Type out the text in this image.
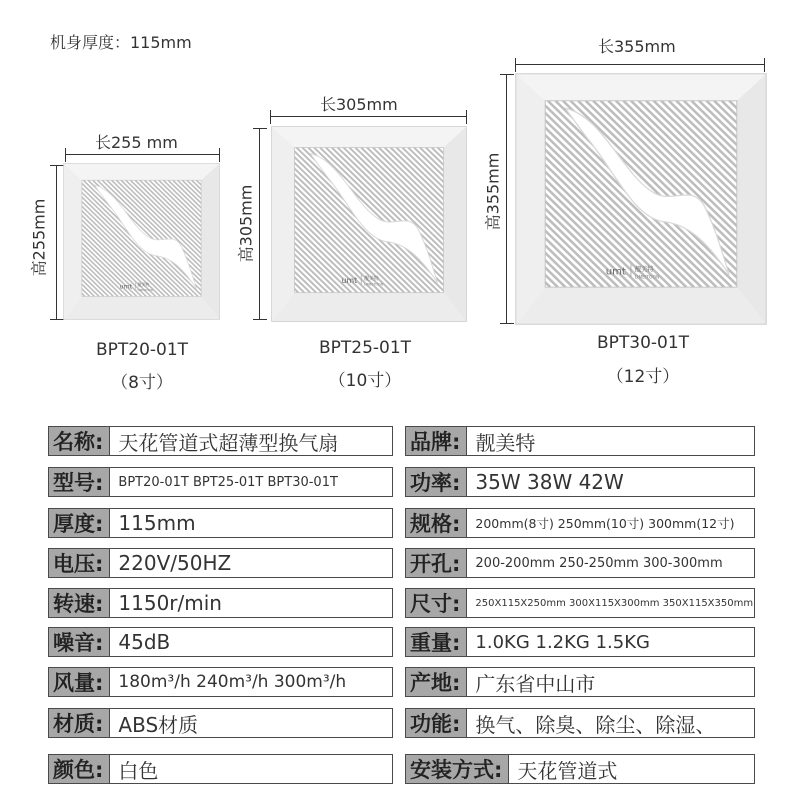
机身厚度：115mm
长255 mm
高255mm
长305mm
高305mm
长355mm
高355mm
umt 靓美特
LIMEITOON
umt 靓美特
LIMEITOON
umt 靓美特
LIMEITOON
BPT20-01T
（8寸）
BPT25-01T
（10寸）
BPT30-01T
（12寸）
名称: 天花管道式超薄型换气扇
型号:	BPT20-01T BPT25-01T BPT30-01T
厚度: 115mm
电压: 220V/50HZ
转速: 1150r/min
噪音: 45dB
风量: 180m³/h 240m³/h 300m³/h
材质: ABS材质
颜色: 白色
品牌: 靓美特
功率: 35W 38W 42W
规格:	200mm(8寸) 250mm(10寸) 300mm(12寸)
开孔:	200-200mm 250-250mm 300-300mm
尺寸:	250X115X250mm 300X115X300mm 350X115X350mm
重量: 1.0KG 1.2KG 1.5KG
产地: 广东省中山市
功能: 换气、除臭、除尘、除湿、
安装方式: 天花管道式
